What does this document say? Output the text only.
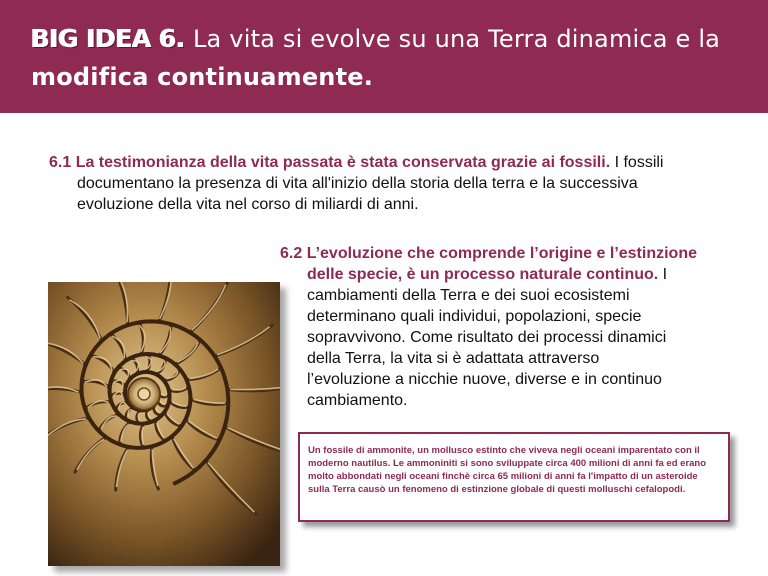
BIG IDEA 6. La vita si evolve su una Terra dinamica e la
modifica continuamente.

6.1 La testimonianza della vita passata è stata conservata grazie ai fossili. I fossili
documentano la presenza di vita all'inizio della storia della terra e la successiva
evoluzione della vita nel corso di miliardi di anni.

6.2 L’evoluzione che comprende l’origine e l’estinzione
delle specie, è un processo naturale continuo. I
cambiamenti della Terra e dei suoi ecosistemi
determinano quali individui, popolazioni, specie
sopravvivono. Come risultato dei processi dinamici
della Terra, la vita si è adattata attraverso
l’evoluzione a nicchie nuove, diverse e in continuo
cambiamento.

Un fossile di ammonite, un mollusco estinto che viveva negli oceani imparentato con il moderno nautilus. Le ammoniniti si sono sviluppate circa 400 milioni di anni fa ed erano molto abbondati negli oceani finchè circa 65 milioni di anni fa l'impatto di un asteroide sulla Terra causò un fenomeno di estinzione globale di questi molluschi cefalopodi.
